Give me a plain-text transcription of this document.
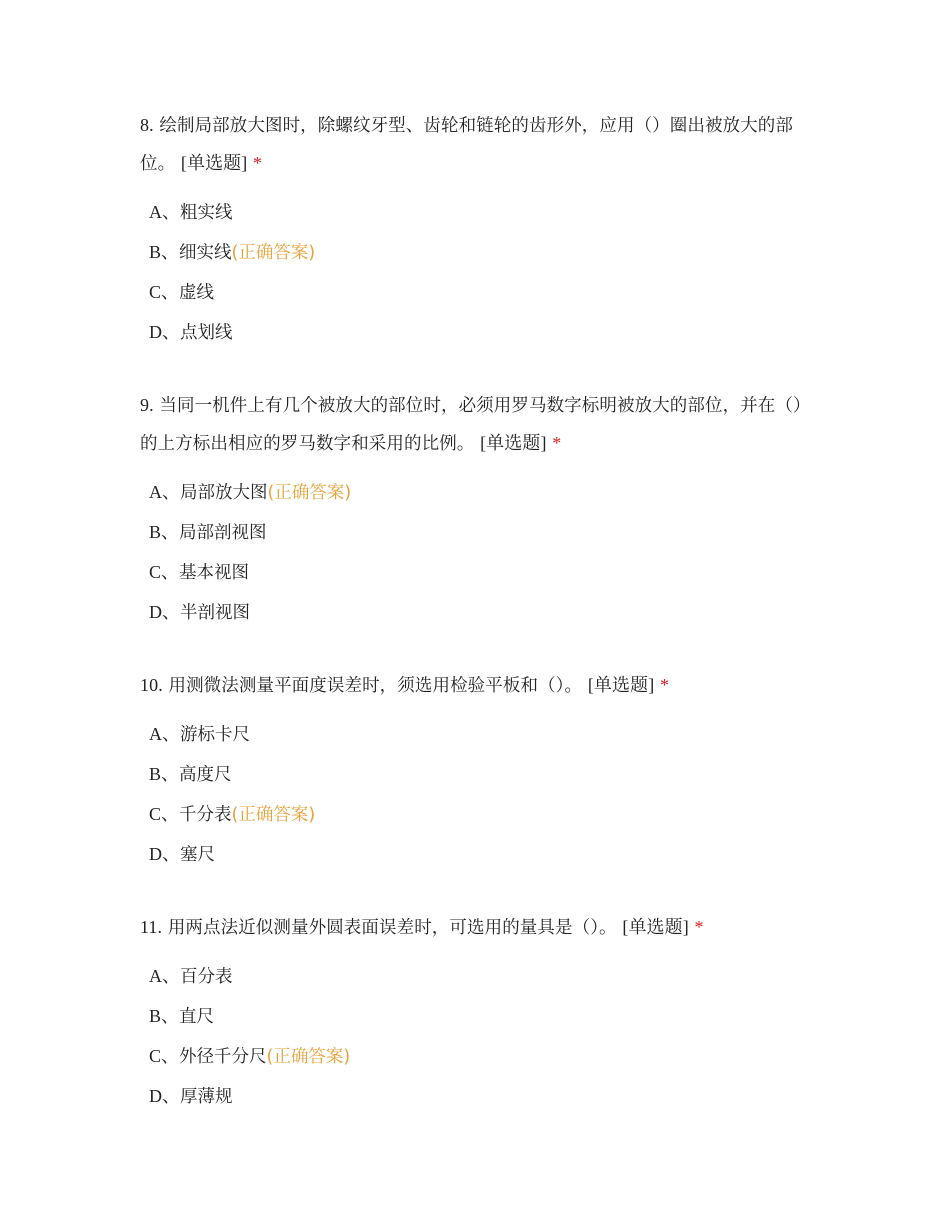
8. 绘制局部放大图时，除螺纹牙型、齿轮和链轮的齿形外，应用（）圈出被放大的部位。 [单选题] *

A、粗实线
B、细实线(正确答案)
C、虚线
D、点划线

9. 当同一机件上有几个被放大的部位时，必须用罗马数字标明被放大的部位，并在（）的上方标出相应的罗马数字和采用的比例。 [单选题] *

A、局部放大图(正确答案)
B、局部剖视图
C、基本视图
D、半剖视图

10. 用测微法测量平面度误差时，须选用检验平板和（）。 [单选题] *

A、游标卡尺
B、高度尺
C、千分表(正确答案)
D、塞尺

11. 用两点法近似测量外圆表面误差时，可选用的量具是（）。 [单选题] *

A、百分表
B、直尺
C、外径千分尺(正确答案)
D、厚薄规
